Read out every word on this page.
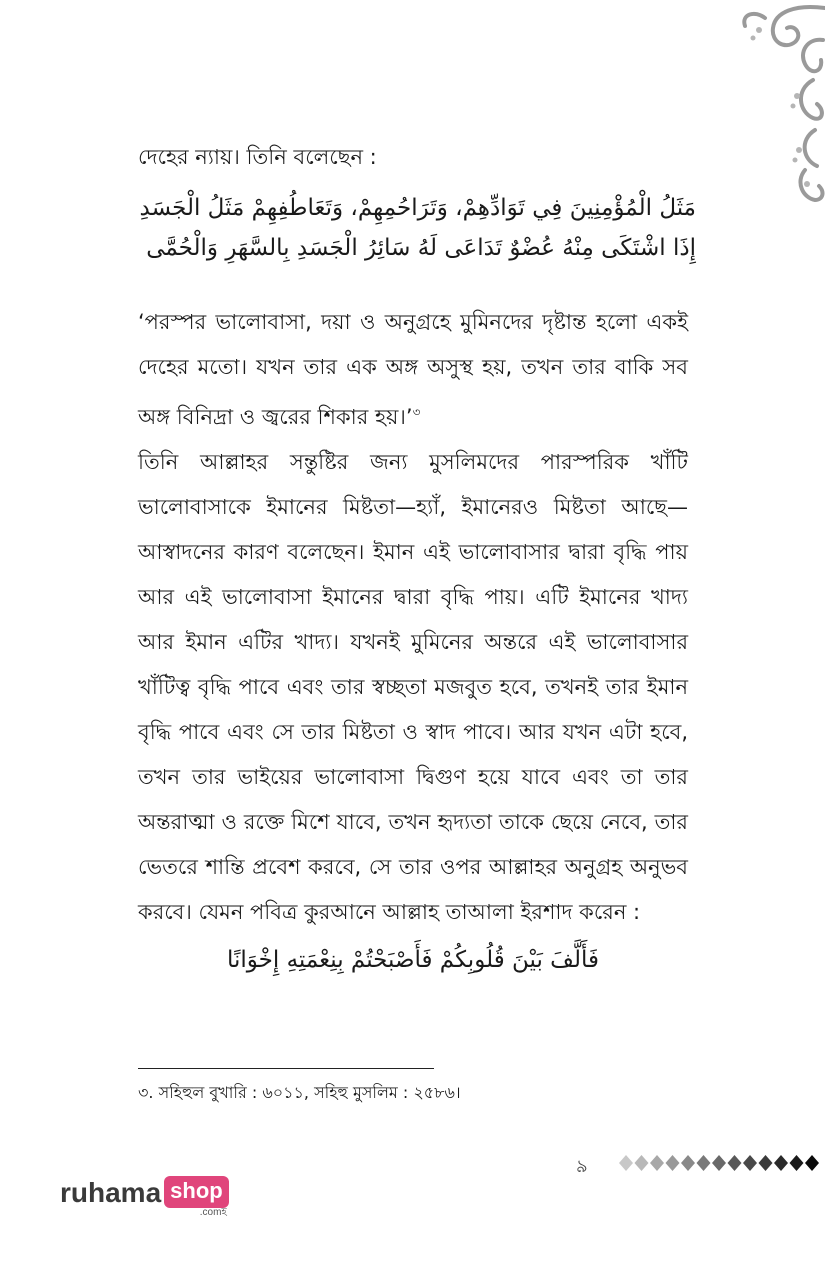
দেহের ন্যায়। তিনি বলেছেন :
مَثَلُ الْمُؤْمِنِينَ فِي تَوَادِّهِمْ، وَتَرَاحُمِهِمْ، وَتَعَاطُفِهِمْ مَثَلُ الْجَسَدِ
إِذَا اشْتَكَى مِنْهُ عُضْوٌ تَدَاعَى لَهُ سَائِرُ الْجَسَدِ بِالسَّهَرِ وَالْحُمَّى
‘পরস্পর ভালোবাসা, দয়া ও অনুগ্রহে মুমিনদের দৃষ্টান্ত হলো একই দেহের মতো। যখন তার এক অঙ্গ অসুস্থ হয়, তখন তার বাকি সব অঙ্গ বিনিদ্রা ও জ্বরের শিকার হয়।’$^৩$
তিনি আল্লাহর সন্তুষ্টির জন্য মুসলিমদের পারস্পরিক খাঁটি ভালোবাসাকে ইমানের মিষ্টতা—হ্যাঁ, ইমানেরও মিষ্টতা আছে—আস্বাদনের কারণ বলেছেন। ইমান এই ভালোবাসার দ্বারা বৃদ্ধি পায় আর এই ভালোবাসা ইমানের দ্বারা বৃদ্ধি পায়। এটি ইমানের খাদ্য আর ইমান এটির খাদ্য। যখনই মুমিনের অন্তরে এই ভালোবাসার খাঁটিত্ব বৃদ্ধি পাবে এবং তার স্বচ্ছতা মজবুত হবে, তখনই তার ইমান বৃদ্ধি পাবে এবং সে তার মিষ্টতা ও স্বাদ পাবে। আর যখন এটা হবে, তখন তার ভাইয়ের ভালোবাসা দ্বিগুণ হয়ে যাবে এবং তা তার অন্তরাত্মা ও রক্তে মিশে যাবে, তখন হৃদ্যতা তাকে ছেয়ে নেবে, তার ভেতরে শান্তি প্রবেশ করবে, সে তার ওপর আল্লাহর অনুগ্রহ অনুভব করবে। যেমন পবিত্র কুরআনে আল্লাহ তাআলা ইরশাদ করেন :
فَأَلَّفَ بَيْنَ قُلُوبِكُمْ فَأَصْبَحْتُمْ بِنِعْمَتِهِ إِخْوَانًا
৩. সহিহুল বুখারি : ৬০১১, সহিহু মুসলিম : ২৫৮৬।
৯
ruhama shop
.comহ
